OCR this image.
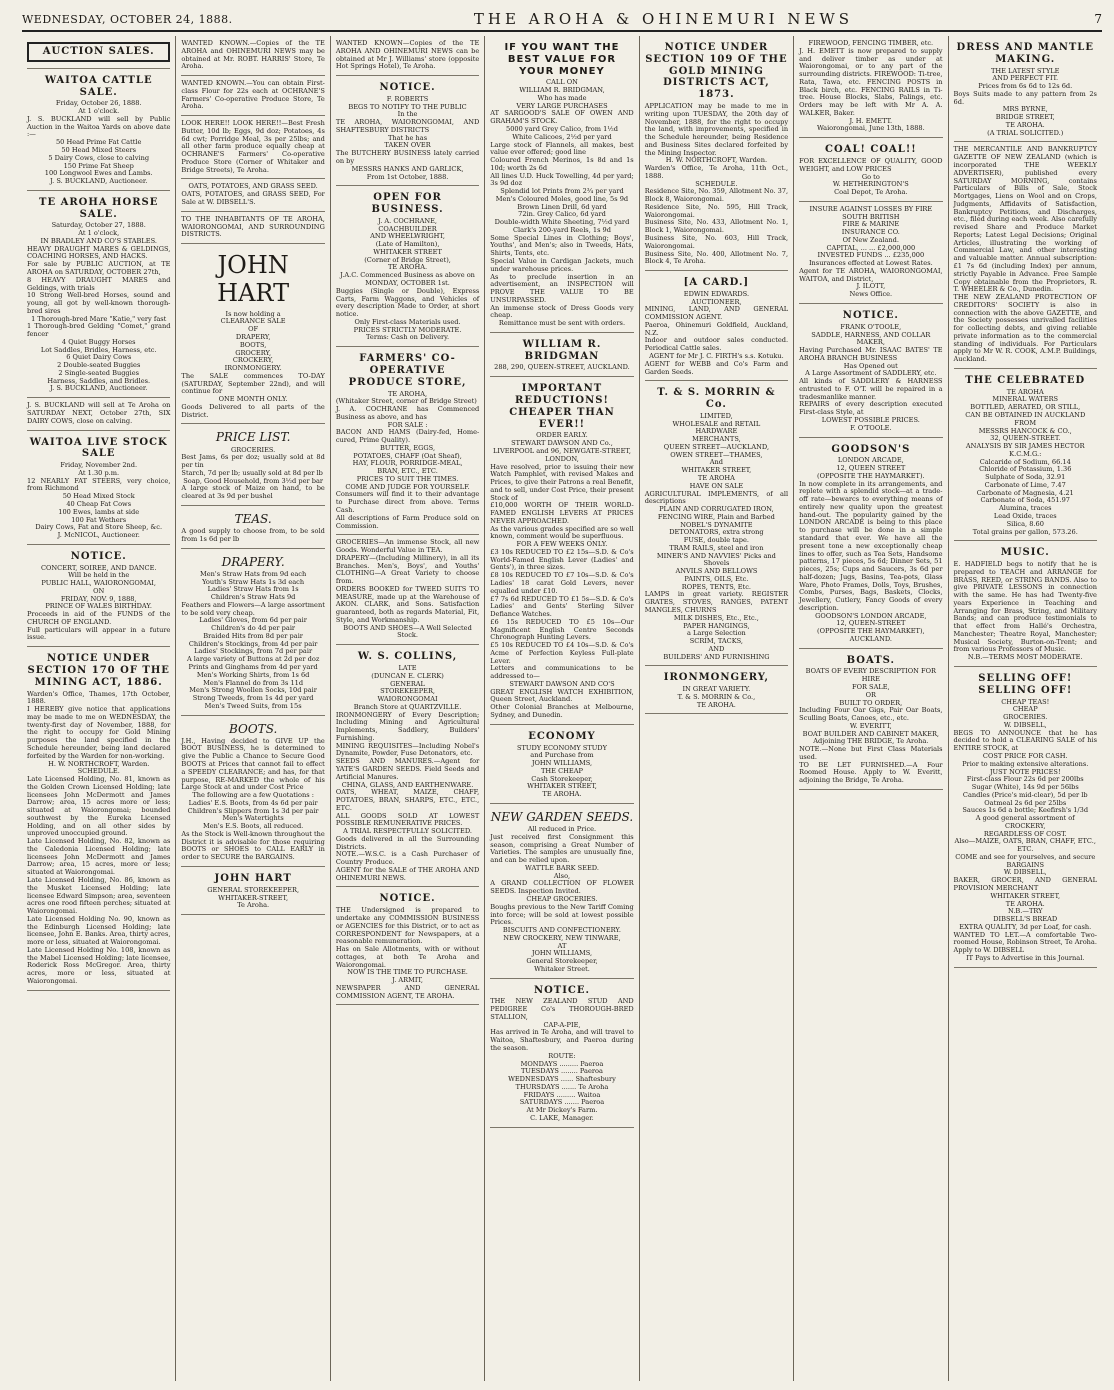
WEDNESDAY, OCTOBER 24, 1888.	THE AROHA & OHINEMURI NEWS	7
AUCTION SALES.
WAITOA CATTLE SALE.

Friday, October 26, 1888.

At 1 o'clock.

J. S. BUCKLAND will sell by Public Auction in the Waitoa Yards on above date :—

50 Head Prime Fat Cattle

50 Head Mixed Steers

5 Dairy Cows, close to calving

150 Prime Fat Sheep

100 Longwool Ewes and Lambs.

J. S. BUCKLAND, Auctioneer.

TE AROHA HORSE SALE.

Saturday, October 27, 1888.

At 1 o'clock,

IN BRADLEY AND CO'S STABLES.

HEAVY DRAUGHT MARES & GELDINGS, COACHING HORSES, AND HACKS.

For sale by PUBLIC AUCTION, at TE AROHA on SATURDAY, OCTOBER 27th,

8 HEAVY DRAUGHT MARES and Geldings, with trials

10 Strong Well-bred Horses, sound and young, all got by well-known thorough-bred sires

1 Thorough-bred Mare "Katie," very fast

1 Thorough-bred Gelding "Comet," grand fencer

4 Quiet Buggy Horses

Lot Saddles, Bridles, Harness, etc.

6 Quiet Dairy Cows

2 Double-seated Buggies

2 Single-seated Buggies

Harness, Saddles, and Bridles.

J. S. BUCKLAND, Auctioneer.

J. S. BUCKLAND will sell at Te Aroha on SATURDAY NEXT, October 27th, SIX DAIRY COWS, close on calving.

WAITOA LIVE STOCK SALE

Friday, November 2nd.

At 1.30 p.m.

12 NEARLY FAT STEERS, very choice, from Richmond

50 Head Mixed Stock

40 Cheap Fat Cows

100 Ewes, lambs at side

100 Fat Wethers

Dairy Cows, Fat and Store Sheep, &c.

J. McNICOL, Auctioneer.

NOTICE.

CONCERT, SOIREE, AND DANCE.

Will be held in the

PUBLIC HALL, WAIORONGOMAI,

ON

FRIDAY, NOV. 9, 1888,

PRINCE OF WALES BIRTHDAY.

Proceeds in aid of the FUNDS of the CHURCH OF ENGLAND.

Full particulars will appear in a future issue.

NOTICE UNDER SECTION 170 OF THE MINING ACT, 1886.

Warden's Office, Thames, 17th October, 1888.

I HEREBY give notice that applications may be made to me on WEDNESDAY, the twenty-first day of November, 1888, for the right to occupy for Gold Mining purposes the land specified in the Schedule hereunder, being land declared forfeited by the Warden for non-working.

H. W. NORTHCROFT, Warden.

SCHEDULE.

Late Licensed Holding, No. 81, known as the Golden Crown Licensed Holding; late licensees John McDermott and James Darrow; area, 15 acres more or less; situated at Waiorongomai; bounded southwest by the Eureka Licensed Holding, and on all other sides by unproved unoccupied ground.

Late Licensed Holding, No. 82, known as the Caledonia Licensed Holding; late licensees John McDermott and James Darrow; area, 15 acres, more or less; situated at Waiorongomai.

Late Licensed Holding, No. 86, known as the Musket Licensed Holding; late licensee Edward Simpson; area, seventeen acres one rood fifteen perches; situated at Waiorongomai.

Late Licensed Holding No. 90, known as the Edinburgh Licensed Holding; late licensee, John E. Banks. Area, thirty acres, more or less, situated at Waiorongomai.

Late Licensed Holding No. 108, known as the Mabel Licensed Holding; late licensee, Roderick Ross McGregor. Area, thirty acres, more or less, situated at Waiorongomai.

WANTED KNOWN.—Copies of the TE AROHA and OHINEMURI NEWS may be obtained at Mr. ROBT. HARRIS' Store, Te Aroha.

WANTED KNOWN.—You can obtain First-class Flour for 22s each at OCHRANE'S Farmers' Co-operative Produce Store, Te Aroha.

LOOK HERE!! LOOK HERE!!—Best Fresh Butter, 10d lb; Eggs, 9d doz; Potatoes, 4s 6d cwt; Porridge Meal, 3s per 25lbs; and all other farm produce equally cheap at OCHRANE'S Farmers' Co-operative Produce Store (Corner of Whitaker and Bridge Streets), Te Aroha.

OATS, POTATOES, AND GRASS SEED.

OATS, POTATOES, and GRASS SEED, For Sale at W. DIBSELL'S.

TO THE INHABITANTS OF TE AROHA, WAIORONGOMAI, AND SURROUNDING DISTRICTS.

JOHN HART

Is now holding a

CLEARANCE SALE

OF

DRAPERY,

BOOTS,

GROCERY,

CROCKERY,

IRONMONGERY.

The SALE commences TO-DAY (SATURDAY, September 22nd), and will continue for

ONE MONTH ONLY.

Goods Delivered to all parts of the District.

PRICE LIST.

GROCERIES.

Best Jams, 6s per doz; usually sold at 8d per tin

Starch, 7d per lb; usually sold at 8d per lb

Soap, Good Household, from 3½d per bar

A large stock of Maize on hand, to be cleared at 3s 9d per bushel

TEAS.

A good supply to choose from, to be sold from 1s 6d per lb

DRAPERY.

Men's Straw Hats from 9d each

Youth's Straw Hats 1s 3d each

Ladies' Straw Hats from 1s

Children's Straw Hats 9d

Feathers and Flowers—A large assortment to be sold very cheap.

Ladies' Gloves, from 6d per pair

Children's do 4d per pair

Braided Hits from 8d per pair

Children's Stockings, from 4d per pair

Ladies' Stockings, from 7d per pair

A large variety of Buttons at 2d per doz

Prints and Ginghams from 4d per yard

Men's Working Shirts, from 1s 6d

Men's Flannel do from 3s 11d

Men's Strong Woollen Socks, 10d pair

Strong Tweeds, from 1s 4d per yard

Men's Tweed Suits, from 15s

BOOTS.

J.H., Having decided to GIVE UP the BOOT BUSINESS, he is determined to give the Public a Chance to Secure Good BOOTS at Prices that cannot fail to effect a SPEEDY CLEARANCE; and has, for that purpose, RE-MARKED the whole of his Large Stock at and under Cost Price

The following are a few Quotations :

Ladies' E.S. Boots, from 4s 6d per pair

Children's Slippers from 1s 3d per pair

Men's Watertights

Men's E.S. Boots, all reduced.

As the Stock is Well-known throughout the District it is advisable for those requiring BOOTS or SHOES to CALL EARLY in order to SECURE the BARGAINS.

JOHN HART

GENERAL STOREKEEPER,

WHITAKER-STREET,

Te Aroha.

WANTED KNOWN—Copies of the TE AROHA AND OHINEMURI NEWS can be obtained at Mr J. Williams' store (opposite Hot Springs Hotel), Te Aroha.

NOTICE.

F. ROBERTS

BEGS TO NOTIFY TO THE PUBLIC

In the

TE AROHA, WAIORONGOMAI, AND SHAFTESBURY DISTRICTS

That he has

TAKEN OVER

The BUTCHERY BUSINESS lately carried on by

MESSRS HANKS AND GARLICK,

From 1st October, 1888.

OPEN FOR BUSINESS.

J. A. COCHRANE,

COACHBUILDER

AND WHEELWRIGHT,

(Late of Hamilton),

WHITAKER STREET

(Corner of Bridge Street),

TE AROHA.

J.A.C. Commenced Business as above on

MONDAY, OCTOBER 1st.

Buggies (Single or Double), Express Carts, Farm Waggons, and Vehicles of every description Made to Order, at short notice.

Only First-class Materials used.

PRICES STRICTLY MODERATE.

Terms: Cash on Delivery.

FARMERS' CO-OPERATIVE PRODUCE STORE,

TE AROHA,

(Whitaker Street, corner of Bridge Street)

J. A. COCHRANE has Commenced Business as above, and has

FOR SALE :

BACON AND HAMS (Dairy-fed, Home-cured, Prime Quality).

BUTTER, EGGS,

POTATOES, CHAFF (Oat Sheaf),

HAY, FLOUR, PORRIDGE-MEAL,

BRAN, ETC., ETC.

PRICES TO SUIT THE TIMES.

COME AND JUDGE FOR YOURSELF.

Consumers will find it to their advantage to Purchase direct from above. Terms Cash.

All descriptions of Farm Produce sold on Commission.

GROCERIES—An immense Stock, all new Goods. Wonderful Value in TEA.

DRAPERY—(Including Millinery), in all its Branches. Men's, Boys', and Youths' CLOTHING—A Great Variety to choose from.

ORDERS BOOKED for TWEED SUITS TO MEASURE, made up at the Warehouse of AKON. CLARK, and Sons. Satisfaction guaranteed, both as regards Material, Fit, Style, and Workmanship.

BOOTS AND SHOES—A Well Selected Stock.

W. S. COLLINS,

LATE

(DUNCAN E. CLERK)

GENERAL

STOREKEEPER,

WAIORONGOMAI

Branch Store at QUARTZVILLE.

IRONMONGERY of Every Description; Including Mining and Agricultural Implements, Saddlery, Builders' Furnishing.

MINING REQUISITES—Including Nobel's Dynamite, Powder, Fuse Detonators, etc.

SEEDS AND MANURES.—Agent for YATE'S GARDEN SEEDS. Field Seeds and Artificial Manures.

CHINA, GLASS, AND EARTHENWARE.

OATS, WHEAT, MAIZE, CHAFF, POTATOES, BRAN, SHARPS, ETC., ETC., ETC.

ALL GOODS SOLD AT LOWEST POSSIBLE REMUNERATIVE PRICES.

A TRIAL RESPECTFULLY SOLICITED.

Goods delivered in all the Surrounding Districts.

NOTE.—W.S.C. is a Cash Purchaser of Country Produce.

AGENT for the SALE of THE AROHA AND OHINEMURI NEWS.

NOTICE.

THE Undersigned is prepared to undertake any COMMISSION BUSINESS or AGENCIES for this District, or to act as CORRESPONDENT for Newspapers, at a reasonable remuneration.

Has on Sale Allotments, with or without cottages, at both Te Aroha and Waiorongomai.

NOW IS THE TIME TO PURCHASE.

J. ARMIT,

NEWSPAPER AND GENERAL COMMISSION AGENT, TE AROHA.

IF YOU WANT THE BEST VALUE FOR YOUR MONEY

CALL ON

WILLIAM R. BRIDGMAN,

Who has made

VERY LARGE PURCHASES

AT SARGOOD'S SALE OF OWEN AND GRAHAM'S STOCK.

5000 yard Grey Calico, from 1½d

White Calicoes, 2½d per yard

Large stock of Flannels, all makes, best value ever offered; good line

Coloured French Merinos, 1s 8d and 1s 10d; worth 2s 6d

All lines U.D. Huck Towelling, 4d per yard; 3s 9d doz

Splendid lot Prints from 2¾ per yard

Men's Coloured Moles, good line, 5s 9d

Brown Linen Drill, 6d yard

72in. Grey Calico, 6d yard

Double-width White Sheeting, 7½d yard

Clark's 200-yard Reels, 1s 9d

Some Special Lines in Clothing; Boys', Youths', and Men's; also in Tweeds, Hats, Shirts, Tents, etc.

Special Value in Cardigan Jackets, much under warehouse prices.

As to preclude insertion in an advertisement, an INSPECTION will PROVE THE VALUE TO BE UNSURPASSED.

An immense stock of Dress Goods very cheap.

Remittance must be sent with orders.

WILLIAM R. BRIDGMAN

288, 290, QUEEN-STREET, AUCKLAND.

IMPORTANT REDUCTIONS! CHEAPER THAN EVER!!

ORDER EARLY.

STEWART DAWSON AND Co.,

LIVERPOOL and 96, NEWGATE-STREET, LONDON,

Have resolved, prior to issuing their new Watch Pamphlet, with revised Makes and Prices, to give their Patrons a real Benefit, and to sell, under Cost Price, their present Stock of

£10,000 WORTH OF THEIR WORLD-FAMED ENGLISH LEVERS AT PRICES NEVER APPROACHED.

As the various grades specified are so well known, comment would be superfluous.

FOR A FEW WEEKS ONLY.

£3 10s REDUCED TO £2 15s—S.D. & Co's World-Famed English Lever (Ladies' and Gents'), in three sizes.

£8 10s REDUCED TO £7 10s—S.D. & Co's Ladies' 18 carat Gold Levers, never equalled under £10.

£7 7s 6d REDUCED TO £1 5s—S.D. & Co's Ladies' and Gents' Sterling Silver Defiance Watches.

£6 15s REDUCED TO £5 10s—Our Magnificent English Centre Seconds Chronograph Hunting Levers.

£5 10s REDUCED TO £4 10s—S.D. & Co's Acme of Perfection Keyless Full-plate Lever.

Letters and communications to be addressed to—

STEWART DAWSON AND CO'S

GREAT ENGLISH WATCH EXHIBITION, Queen Street, Auckland.

Other Colonial Branches at Melbourne, Sydney, and Dunedin.

ECONOMY

STUDY ECONOMY STUDY

and Purchase from

JOHN WILLIAMS,

THE CHEAP

Cash Storekeeper,

WHITAKER STREET,

TE AROHA.

NEW GARDEN SEEDS.

All reduced in Price.

Just received first Consignment this season, comprising a Great Number of Varieties. The samples are unusually fine, and can be relied upon.

WATTLE BARK SEED.

Also,

A GRAND COLLECTION OF FLOWER SEEDS. Inspection Invited.

CHEAP GROCERIES.

Boughs previous to the New Tariff Coming into force; will be sold at lowest possible Prices.

BISCUITS AND CONFECTIONERY.

NEW CROCKERY, NEW TINWARE,

AT

JOHN WILLIAMS,

General Storekeeper,

Whitaker Street.

NOTICE.

THE NEW ZEALAND STUD AND PEDIGREE Co's THOROUGH-BRED STALLION,

CAP-A-PIE,

Has arrived in Te Aroha, and will travel to Waitoa, Shaftesbury, and Paeroa during the season.

ROUTE:

MONDAYS ......... Paeroa

TUESDAYS ........ Paeroa

WEDNESDAYS ...... Shaftesbury

THURSDAYS ....... Te Aroha

FRIDAYS ......... Waitoa

SATURDAYS ....... Paeroa

At Mr Dickey's Farm.

C. LAKE, Manager.

NOTICE UNDER SECTION 109 OF THE GOLD MINING DISTRICTS ACT, 1873.

APPLICATION may be made to me in writing upon TUESDAY, the 20th day of November, 1888, for the right to occupy the land, with improvements, specified in the Schedule hereunder, being Residence and Business Sites declared forfeited by the Mining Inspector.

H. W. NORTHCROFT, Warden.

Warden's Office, Te Aroha, 11th Oct., 1888.

SCHEDULE.

Residence Site, No. 359, Allotment No. 37, Block 8, Waiorongomai.

Residence Site, No. 595, Hill Track, Waiorongomai.

Business Site, No. 433, Allotment No. 1, Block 1, Waiorongomai.

Business Site, No. 603, Hill Track, Waiorongomai.

Business Site, No. 400, Allotment No. 7, Block 4, Te Aroha.

[A CARD.]

EDWIN EDWARDS.

AUCTIONEER,

MINING, LAND, AND GENERAL COMMISSION AGENT.

Paeroa, Ohinemuri Goldfield, Auckland, N.Z.

Indoor and outdoor sales conducted. Periodical Cattle sales.

AGENT for Mr J. C. FIRTH's s.s. Kotuku.

AGENT for WEBB and Co's Farm and Garden Seeds.

T. & S. MORRIN & Co.

LIMITED,

WHOLESALE and RETAIL

HARDWARE

MERCHANTS,

QUEEN STREET—AUCKLAND,

OWEN STREET—THAMES,

And

WHITAKER STREET,

TE AROHA

HAVE ON SALE

AGRICULTURAL IMPLEMENTS, of all descriptions

PLAIN AND CORRUGATED IRON,

FENCING WIRE, Plain and Barbed

NOBEL'S DYNAMITE

DETONATORS, extra strong

FUSE, double tape.

TRAM RAILS, steel and iron

MINER'S AND NAVVIES' Picks and Shovels

ANVILS AND BELLOWS

PAINTS, OILS, Etc.

ROPES, TENTS, Etc.

LAMPS in great variety. REGISTER GRATES, STOVES, RANGES, PATENT MANGLES, CHURNS

MILK DISHES, Etc., Etc.,

PAPER HANGINGS,

a Large Selection

SCRIM, TACKS,

AND

BUILDERS' AND FURNISHING

IRONMONGERY,

IN GREAT VARIETY.

T. & S. MORRIN & Co.,

TE AROHA.

FIREWOOD, FENCING TIMBER, etc.

J. H. EMETT is now prepared to supply and deliver timber as under at Waiorongomai, or to any part of the surrounding districts. FIREWOOD: Ti-tree, Rata, Tawa, etc. FENCING POSTS in Black birch, etc. FENCING RAILS in Ti-tree. House Blocks, Slabs, Palings, etc. Orders may be left with Mr A. A. WALKER, Baker.

J. H. EMETT.

Waiorongomai, June 13th, 1888.

COAL! COAL!!

FOR EXCELLENCE OF QUALITY, GOOD WEIGHT, and LOW PRICES

Go to

W. HETHERINGTON'S

Coal Depot, Te Aroha.

INSURE AGAINST LOSSES BY FIRE

SOUTH BRITISH

FIRE & MARINE

INSURANCE CO.

Of New Zealand.

CAPITAL, ... ... £2,000,000

INVESTED FUNDS ... £235,000

Insurances effected at Lowest Rates.

Agent for TE AROHA, WAIORONGOMAI, WAITOA, and District,

J. ILOTT,

News Office.

NOTICE.

FRANK O'TOOLE,

SADDLE, HARNESS, AND COLLAR MAKER,

Having Purchased Mr. ISAAC BATES' TE AROHA BRANCH BUSINESS

Has Opened out

A Large Assortment of SADDLERY, etc.

All kinds of SADDLERY & HARNESS entrusted to F. O'T. will be repaired in a tradesmanlike manner.

REPAIRS of every description executed First-class Style, at

LOWEST POSSIBLE PRICES.

F. O'TOOLE.

GOODSON'S

LONDON ARCADE,

12, QUEEN STREET

(OPPOSITE THE HAYMARKET).

In now complete in its arrangements, and replete with a splendid stock—at a trade-off rate—bewarcs to everything means of entirely new quality upon the greatest hand-out. The popularity gained by the LONDON ARCADE is being to this place to purchase will be done in a simple standard that ever. We have all the present tone a new exceptionally cheap lines to offer, such as Tea Sets, Handsome patterns, 17 pieces, 5s 6d; Dinner Sets, 51 pieces, 25s; Cups and Saucers, 3s 6d per half-dozen; Jugs, Basins, Tea-pots, Glass Ware, Photo Frames, Dolls, Toys, Brushes, Combs, Purses, Bags, Baskets, Clocks, Jewellery, Cutlery, Fancy Goods of every description.

GOODSON'S LONDON ARCADE,

12, QUEEN-STREET

(OPPOSITE THE HAYMARKET),

AUCKLAND.

BOATS.

BOATS OF EVERY DESCRIPTION FOR HIRE

FOR SALE,

OR

BUILT TO ORDER,

Including Four Oar Gigs, Pair Oar Boats, Sculling Boats, Canoes, etc., etc.

W. EVERITT,

BOAT BUILDER AND CABINET MAKER,

Adjoining THE BRIDGE, Te Aroha.

NOTE.—None but First Class Materials used.

TO BE LET FURNISHED.—A Four Roomed House. Apply to W. Everitt, adjoining the Bridge, Te Aroha.

DRESS AND MANTLE MAKING.

THE LATEST STYLE

AND PERFECT FIT.

Prices from 6s 6d to 12s 6d.

Boys Suits made to any pattern from 2s 6d.

MRS BYRNE,

BRIDGE STREET,

TE AROHA.

(A TRIAL SOLICITED.)

THE MERCANTILE AND BANKRUPTCY GAZETTE OF NEW ZEALAND (which is incorporated THE WEEKLY ADVERTISER), published every SATURDAY MORNING, contains Particulars of Bills of Sale, Stock Mortgages, Liens on Wool and on Crops, Judgments, Affidavits of Satisfaction, Bankruptcy Petitions, and Discharges, etc., filed during each week. Also carefully revised Share and Produce Market Reports; Latest Legal Decisions; Original Articles, illustrating the working of Commercial Law, and other interesting and valuable matter. Annual subscription: £1 7s 6d (including Index) per annum, strictly Payable in Advance. Free Sample Copy obtainable from the Proprietors, R. T. WHEELER & Co., Dunedin.

THE NEW ZEALAND PROTECTION OF CREDITORS' SOCIETY is also in connection with the above GAZETTE, and the Society possesses unrivalled facilities for collecting debts, and giving reliable private information as to the commercial standing of individuals. For Particulars apply to Mr W. R. COOK, A.M.P. Buildings, Auckland.

THE CELEBRATED

TE AROHA

MINERAL WATERS

BOTTLED, AERATED, OR STILL,

CAN BE OBTAINED IN AUCKLAND

FROM

MESSRS HANCOCK & CO.,

32, QUEEN-STREET.

ANALYSIS BY SIR JAMES HECTOR K.C.M.G.:

Calcaride of Sodium, 66.14

Chloride of Potassium, 1.36

Sulphate of Soda, 32.91

Carbonate of Lime, 7.47

Carbonate of Magnesia, 4.21

Carbonate of Soda, 451.97

Alumina, traces

Lead Oxide, traces

Silica, 8.60

Total grains per gallon, 573.26.

MUSIC.

E. HADFIELD begs to notify that he is prepared to TEACH and ARRANGE for BRASS, REED, or STRING BANDS. Also to give PRIVATE LESSONS in connection with the same. He has had Twenty-five years Experience in Teaching and Arranging for Brass, String, and Military Bands; and can produce testimonials to that effect from Hallé's Orchestra, Manchester; Theatre Royal, Manchester; Musical Society, Burton-on-Trent; and from various Professors of Music.

N.B.—TERMS MOST MODERATE.

SELLING OFF! SELLING OFF!

CHEAP TEAS!

CHEAP

GROCERIES.

W. DIBSELL,

BEGS TO ANNOUNCE that he has decided to hold a CLEARING SALE of his ENTIRE STOCK, at

COST PRICE FOR CASH.

Prior to making extensive alterations.

JUST NOTE PRICES!

First-class Flour 22s 6d per 200lbs

Sugar (White), 14s 9d per 56lbs

Candles (Price's mid-clear), 5d per lb

Oatmeal 2s 6d per 25lbs

Sauces 1s 6d a bottle; Keefirsh's 1/3d

A good general assortment of

CROCKERY,

REGARDLESS OF COST.

Also—MAIZE, OATS, BRAN, CHAFF, ETC., ETC.

COME and see for yourselves, and secure

BARGAINS

W. DIBSELL,

BAKER, GROCER, AND GENERAL PROVISION MERCHANT

WHITAKER STREET,

TE AROHA.

N.B.—TRY

DIBSELL'S BREAD

EXTRA QUALITY, 3d per Loaf, for cash.

WANTED TO LET.—A comfortable Two-roomed House, Robinson Street, Te Aroha. Apply to W. DIBSELL

IT Pays to Advertise in this Journal.
